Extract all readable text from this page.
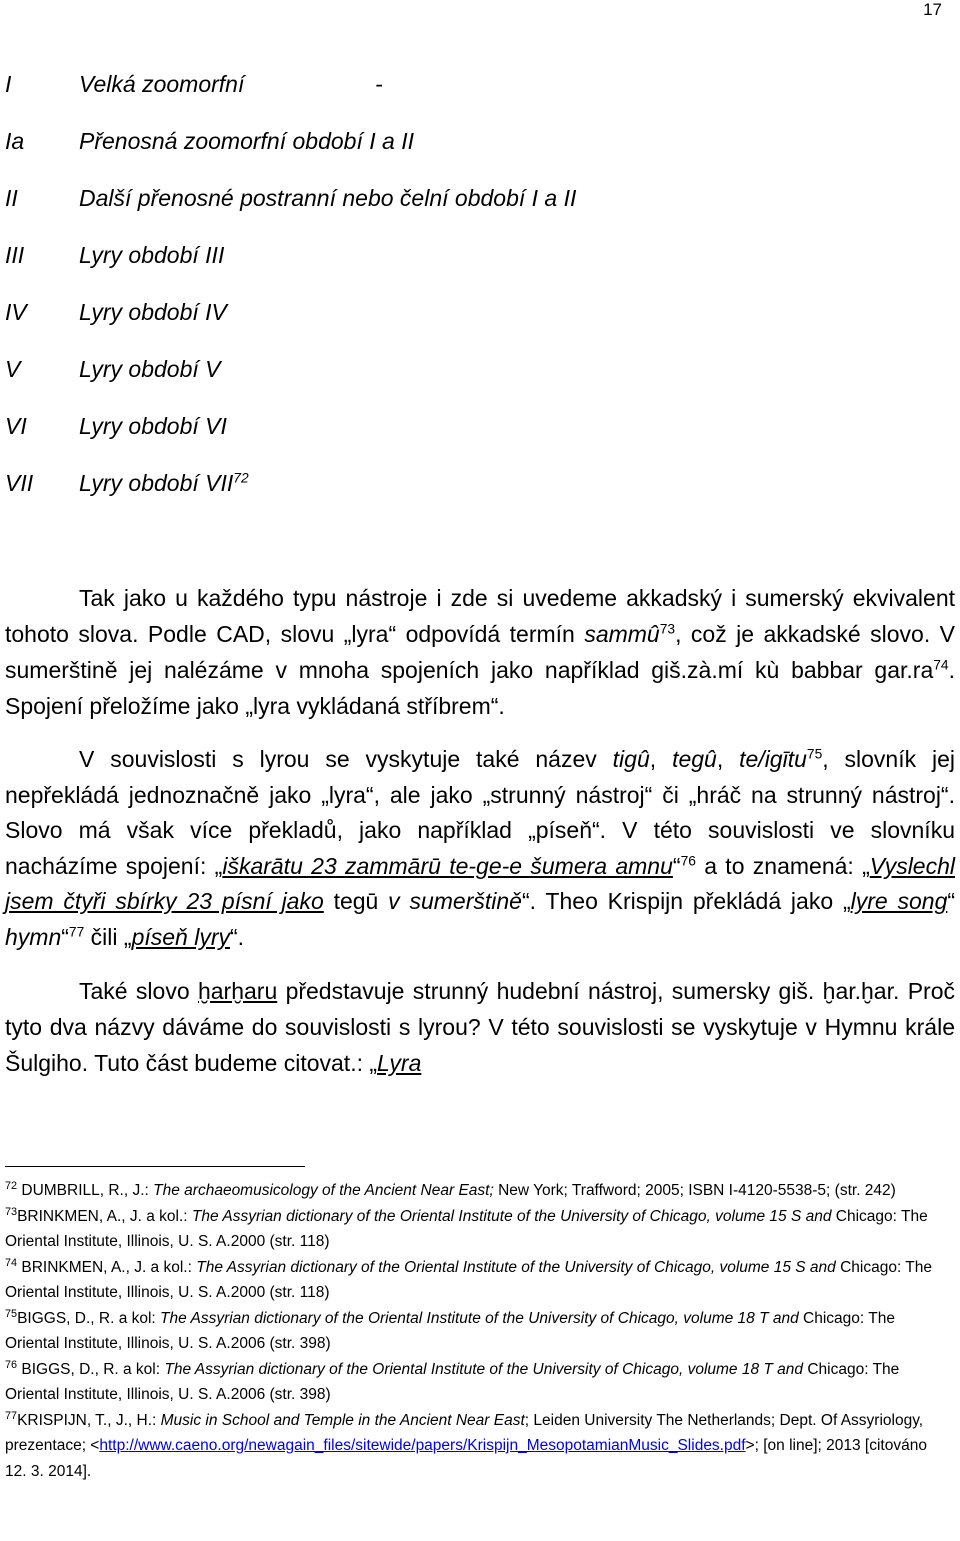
17
I	Velká zoomorfní	-
Ia	Přenosná zoomorfní období I a II
II	Další přenosné postranní nebo čelní období I a II
III	Lyry období III
IV	Lyry období IV
V	Lyry období V
VI	Lyry období VI
VII	Lyry období VII$^{72}$

Tak jako u každého typu nástroje i zde si uvedeme akkadský i sumerský ekvivalent tohoto slova. Podle CAD, slovu „lyra“ odpovídá termín sammû$^{73}$, což je akkadské slovo. V sumerštině jej nalézáme v mnoha spojeních jako například giš.zà.mí kù babbar $gar.ra^{74}$. Spojení přeložíme jako „lyra vykládaná stříbrem“.

V souvislosti s lyrou se vyskytuje také název tigû, tegû, te/igītu$^{75}$, slovník jej nepřekládá jednoznačně jako „lyra“, ale jako „strunný nástroj“ či „hráč na strunný nástroj“. Slovo má však více překladů, jako například „píseň“. V této souvislosti ve slovníku nacházíme spojení: „iškarātu 23 zammārū te-ge-e šumera amnu“$^{76}$ a to znamená: „Vyslechl jsem čtyři sbírky 23 písní jako tegū v sumerštině“. Theo Krispijn překládá jako „lyre song“ hymn“$^{77}$ čili „píseň lyry“.

Také slovo ḫarḫaru představuje strunný hudební nástroj, sumersky giš. ḫar.ḫar. Proč tyto dva názvy dáváme do souvislosti s lyrou? V této souvislosti se vyskytuje v Hymnu krále Šulgiho. Tuto část budeme citovat.: „Lyra

$^{72}$ DUMBRILL, R., J.: The archaeomusicology of the Ancient Near East; New York; Traffword; 2005; ISBN I-4120-5538-5; (str. 242)

$^{73}$BRINKMEN, A., J. a kol.: The Assyrian dictionary of the Oriental Institute of the University of Chicago, volume 15 S and Chicago: The Oriental Institute, Illinois, U. S. A.2000 (str. 118)

$^{74}$ BRINKMEN, A., J. a kol.: The Assyrian dictionary of the Oriental Institute of the University of Chicago, volume 15 S and Chicago: The Oriental Institute, Illinois, U. S. A.2000 (str. 118)

$^{75}$BIGGS, D., R. a kol: The Assyrian dictionary of the Oriental Institute of the University of Chicago, volume 18 T and Chicago: The Oriental Institute, Illinois, U. S. A.2006 (str. 398)

$^{76}$ BIGGS, D., R. a kol: The Assyrian dictionary of the Oriental Institute of the University of Chicago, volume 18 T and Chicago: The Oriental Institute, Illinois, U. S. A.2006 (str. 398)

$^{77}$KRISPIJN, T., J., H.: Music in School and Temple in the Ancient Near East; Leiden University The Netherlands; Dept. Of Assyriology, prezentace; <http://www.caeno.org/newagain_files/sitewide/papers/Krispijn_MesopotamianMusic_Slides.pdf>; [on line]; 2013 [citováno 12. 3. 2014].
